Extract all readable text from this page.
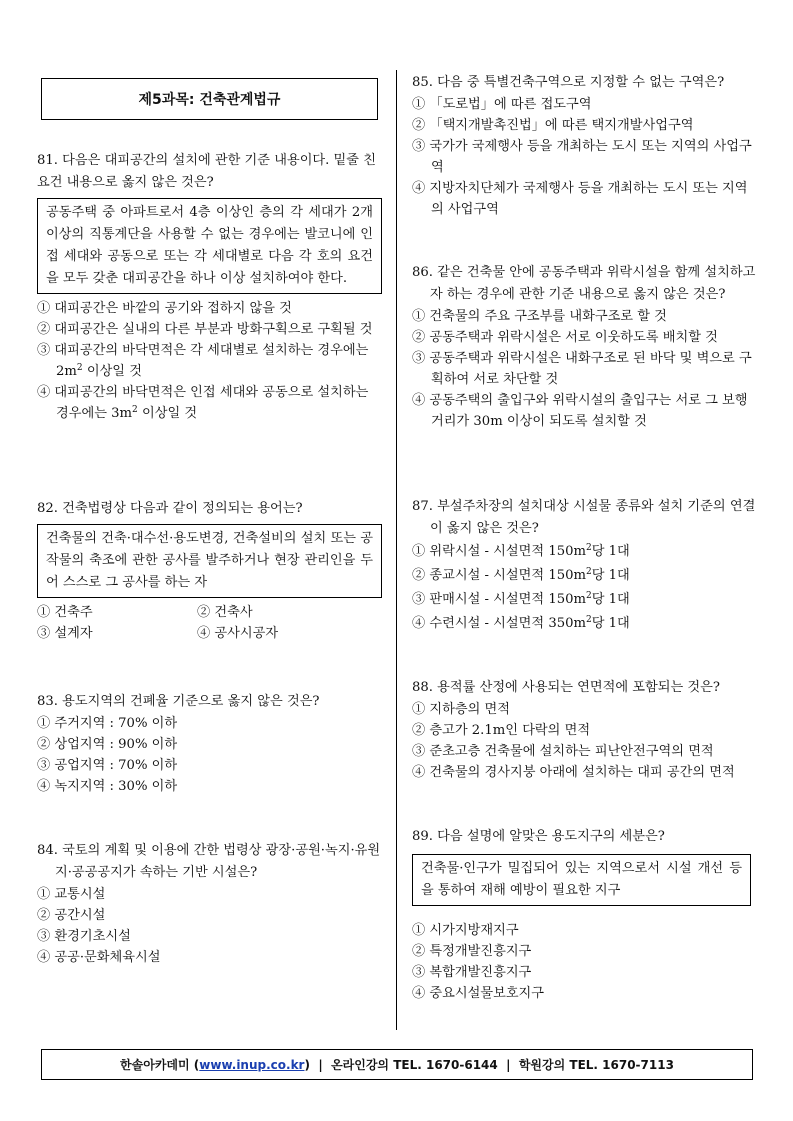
제5과목: 건축관계법규

81. 다음은 대피공간의 설치에 관한 기준 내용이다. 밑줄 친 요건 내용으로 옳지 않은 것은?

공동주택 중 아파트로서 4층 이상인 층의 각 세대가 2개 이상의 직통계단을 사용할 수 없는 경우에는 발코니에 인접 세대와 공동으로 또는 각 세대별로 다음 각 호의 요건을 모두 갖춘 대피공간을 하나 이상 설치하여야 한다.
① 대피공간은 바깥의 공기와 접하지 않을 것
② 대피공간은 실내의 다른 부분과 방화구획으로 구획될 것
③ 대피공간의 바닥면적은 각 세대별로 설치하는 경우에는 $2m^2$ 이상일 것
④ 대피공간의 바닥면적은 인접 세대와 공동으로 설치하는 경우에는 $3m^2$ 이상일 것

82. 건축법령상 다음과 같이 정의되는 용어는?

건축물의 건축·대수선·용도변경, 건축설비의 설치 또는 공작물의 축조에 관한 공사를 발주하거나 현장 관리인을 두어 스스로 그 공사를 하는 자
① 건축주	② 건축사
③ 설계자	④ 공사시공자

83. 용도지역의 건폐율 기준으로 옳지 않은 것은?

① 주거지역 : 70% 이하
② 상업지역 : 90% 이하
③ 공업지역 : 70% 이하
④ 녹지지역 : 30% 이하

84. 국토의 계획 및 이용에 간한 법령상 광장·공원·녹지·유원지·공공공지가 속하는 기반 시설은?

① 교통시설
② 공간시설
③ 환경기초시설
④ 공공·문화체육시설

85. 다음 중 특별건축구역으로 지정할 수 없는 구역은?

① 「도로법」에 따른 접도구역
② 「택지개발촉진법」에 따른 택지개발사업구역
③ 국가가 국제행사 등을 개최하는 도시 또는 지역의 사업구역
④ 지방자치단체가 국제행사 등을 개최하는 도시 또는 지역의 사업구역

86. 같은 건축물 안에 공동주택과 위락시설을 함께 설치하고자 하는 경우에 관한 기준 내용으로 옳지 않은 것은?

① 건축물의 주요 구조부를 내화구조로 할 것
② 공동주택과 위락시설은 서로 이웃하도록 배치할 것
③ 공동주택과 위락시설은 내화구조로 된 바닥 및 벽으로 구획하여 서로 차단할 것
④ 공동주택의 출입구와 위락시설의 출입구는 서로 그 보행거리가 30m 이상이 되도록 설치할 것

87. 부설주차장의 설치대상 시설물 종류와 설치 기준의 연결이 옳지 않은 것은?

① 위락시설 - 시설면적 $150m^2$당 1대
② 종교시설 - 시설면적 $150m^2$당 1대
③ 판매시설 - 시설면적 $150m^2$당 1대
④ 수련시설 - 시설면적 $350m^2$당 1대

88. 용적률 산정에 사용되는 연면적에 포함되는 것은?

① 지하층의 면적
② 층고가 2.1m인 다락의 면적
③ 준초고층 건축물에 설치하는 피난안전구역의 면적
④ 건축물의 경사지붕 아래에 설치하는 대피 공간의 면적

89. 다음 설명에 알맞은 용도지구의 세분은?

건축물·인구가 밀집되어 있는 지역으로서 시설 개선 등을 통하여 재해 예방이 필요한 지구
① 시가지방재지구
② 특정개발진흥지구
③ 복합개발진흥지구
④ 중요시설물보호지구
한솔아카데미 ( www.inup.co.kr )  |  온라인강의 TEL. 1670-6144  |  학원강의 TEL. 1670-7113
